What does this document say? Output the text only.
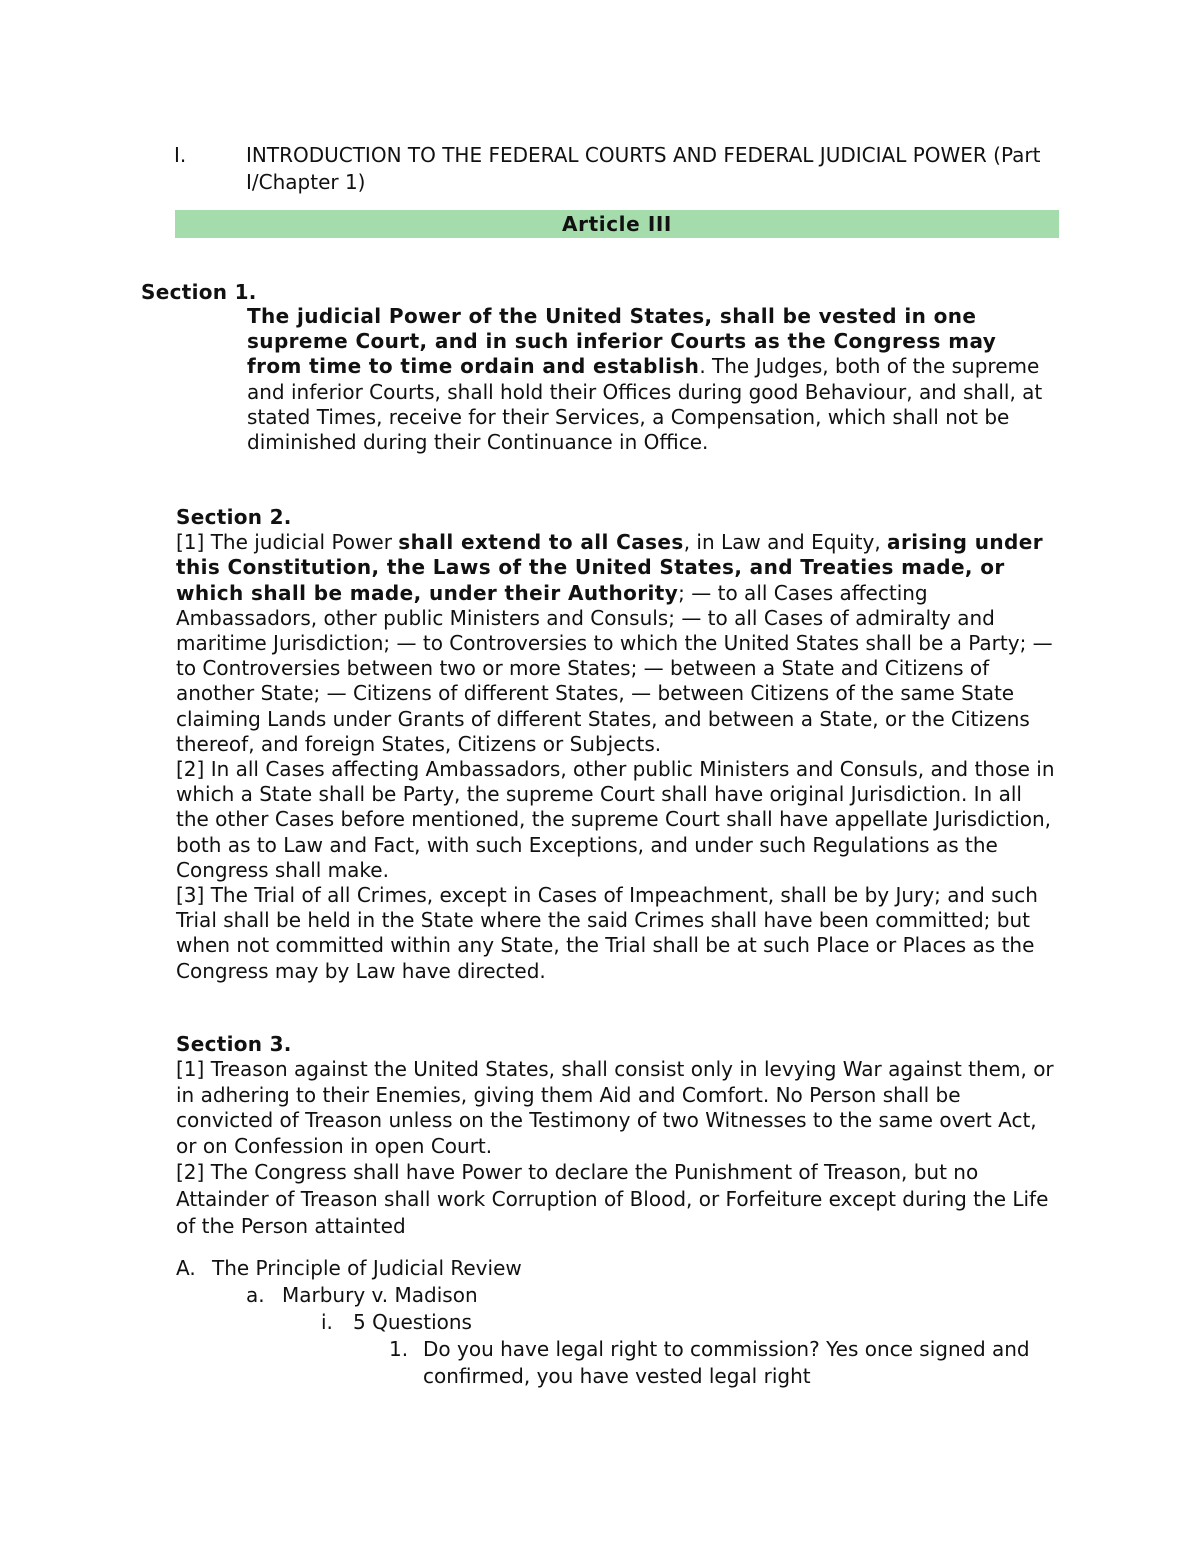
I.	INTRODUCTION TO THE FEDERAL COURTS AND FEDERAL JUDICIAL POWER (Part I/Chapter 1)
Article III
Section 1.
The judicial Power of the United States, shall be vested in one supreme Court, and in such inferior Courts as the Congress may from time to time ordain and establish. The Judges, both of the supreme and inferior Courts, shall hold their Offices during good Behaviour, and shall, at stated Times, receive for their Services, a Compensation, which shall not be diminished during their Continuance in Office.
Section 2.
[1] The judicial Power shall extend to all Cases, in Law and Equity, arising under this Constitution, the Laws of the United States, and Treaties made, or which shall be made, under their Authority; — to all Cases affecting Ambassadors, other public Ministers and Consuls; — to all Cases of admiralty and maritime Jurisdiction; — to Controversies to which the United States shall be a Party; — to Controversies between two or more States; — between a State and Citizens of another State; — Citizens of different States, — between Citizens of the same State claiming Lands under Grants of different States, and between a State, or the Citizens thereof, and foreign States, Citizens or Subjects.
[2] In all Cases affecting Ambassadors, other public Ministers and Consuls, and those in which a State shall be Party, the supreme Court shall have original Jurisdiction. In all the other Cases before mentioned, the supreme Court shall have appellate Jurisdiction, both as to Law and Fact, with such Exceptions, and under such Regulations as the Congress shall make.
[3] The Trial of all Crimes, except in Cases of Impeachment, shall be by Jury; and such Trial shall be held in the State where the said Crimes shall have been committed; but when not committed within any State, the Trial shall be at such Place or Places as the Congress may by Law have directed.
Section 3.
[1] Treason against the United States, shall consist only in levying War against them, or in adhering to their Enemies, giving them Aid and Comfort. No Person shall be convicted of Treason unless on the Testimony of two Witnesses to the same overt Act, or on Confession in open Court.
[2] The Congress shall have Power to declare the Punishment of Treason, but no Attainder of Treason shall work Corruption of Blood, or Forfeiture except during the Life of the Person attainted
A. The Principle of Judicial Review
a. Marbury v. Madison
i. 5 Questions
1. Do you have legal right to commission? Yes once signed and confirmed, you have vested legal right
